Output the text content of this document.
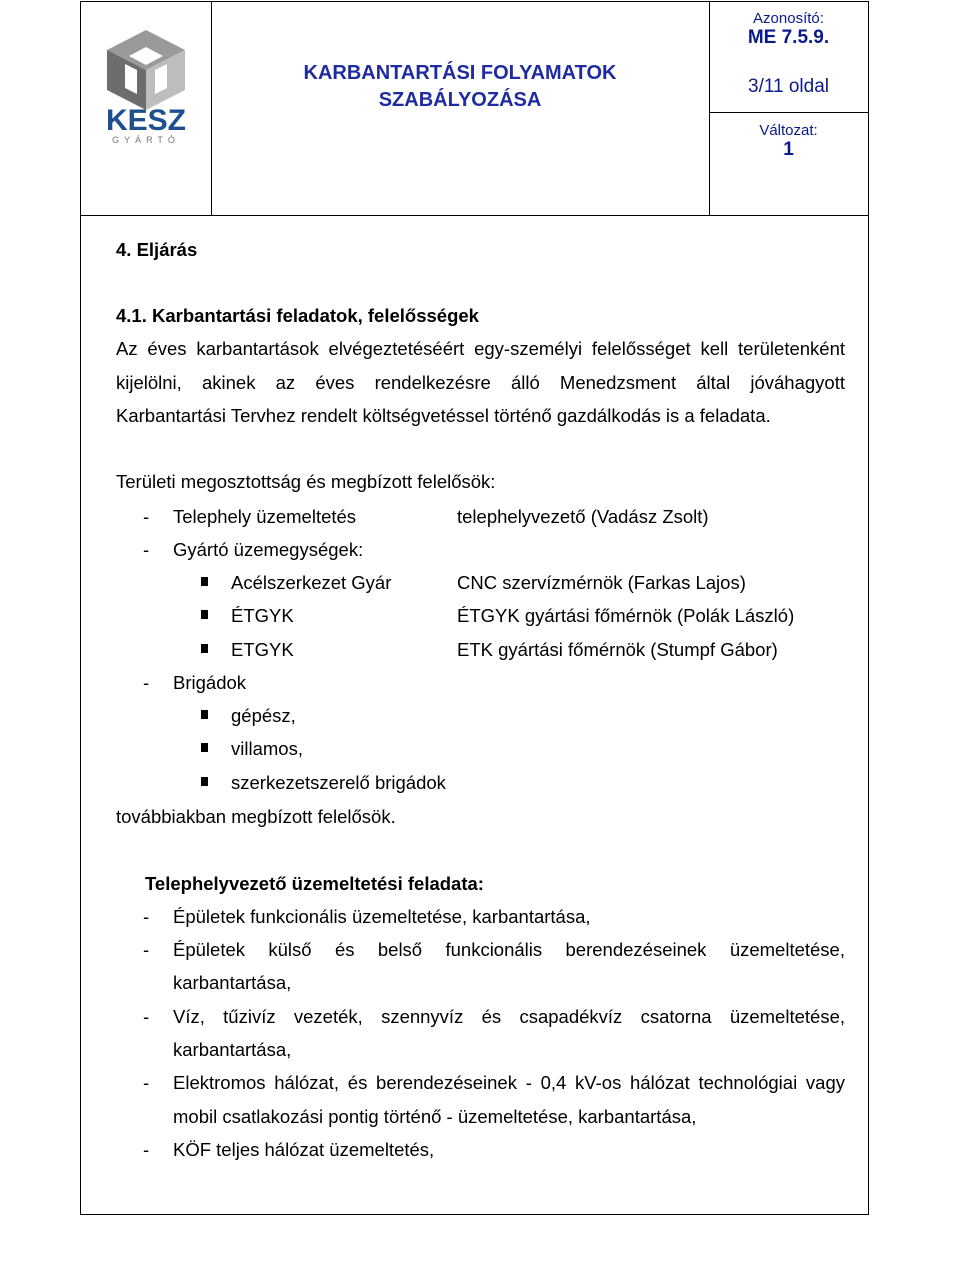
KESZ
GYÁRTÓ
KARBANTARTÁSI FOLYAMATOK
SZABÁLYOZÁSA
Azonosító:
ME 7.5.9.
3/11 oldal
Változat:
1
4. Eljárás
4.1. Karbantartási feladatok, felelősségek
Az éves karbantartások elvégeztetéséért egy-személyi felelősséget kell területenként
kijelölni, akinek az éves rendelkezésre álló Menedzsment által jóváhagyott
Karbantartási Tervhez rendelt költségvetéssel történő gazdálkodás is a feladata.
Területi megosztottság és megbízott felelősök:
- Telephely üzemeltetés	telephelyvezető (Vadász Zsolt)
- Gyártó üzemegységek:
Acélszerkezet Gyár	CNC szervízmérnök (Farkas Lajos)
ÉTGYK	ÉTGYK gyártási főmérnök (Polák László)
ETGYK	ETK gyártási főmérnök (Stumpf Gábor)
- Brigádok
gépész,
villamos,
szerkezetszerelő brigádok
továbbiakban megbízott felelősök.
Telephelyvezető üzemeltetési feladata:
- Épületek funkcionális üzemeltetése, karbantartása,
- Épületek külső és belső funkcionális berendezéseinek üzemeltetése,
karbantartása,
- Víz, tűzivíz vezeték, szennyvíz és csapadékvíz csatorna üzemeltetése,
karbantartása,
- Elektromos hálózat, és berendezéseinek - 0,4 kV-os hálózat technológiai vagy
mobil csatlakozási pontig történő - üzemeltetése, karbantartása,
- KÖF teljes hálózat üzemeltetés,
